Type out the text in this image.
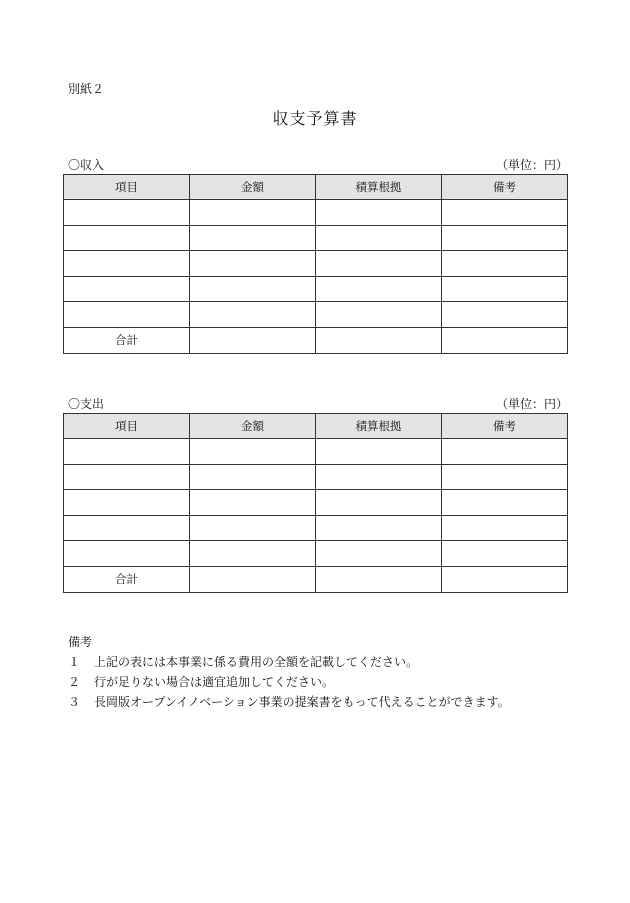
別紙２
収支予算書
〇収入	（単位：円）
項目	金額	積算根拠	備考

合計			
〇支出	（単位：円）
項目	金額	積算根拠	備考

合計			
備考
１ 上記の表には本事業に係る費用の全額を記載してください。
２ 行が足りない場合は適宜追加してください。
３ 長岡版オープンイノベーション事業の提案書をもって代えることができます。
